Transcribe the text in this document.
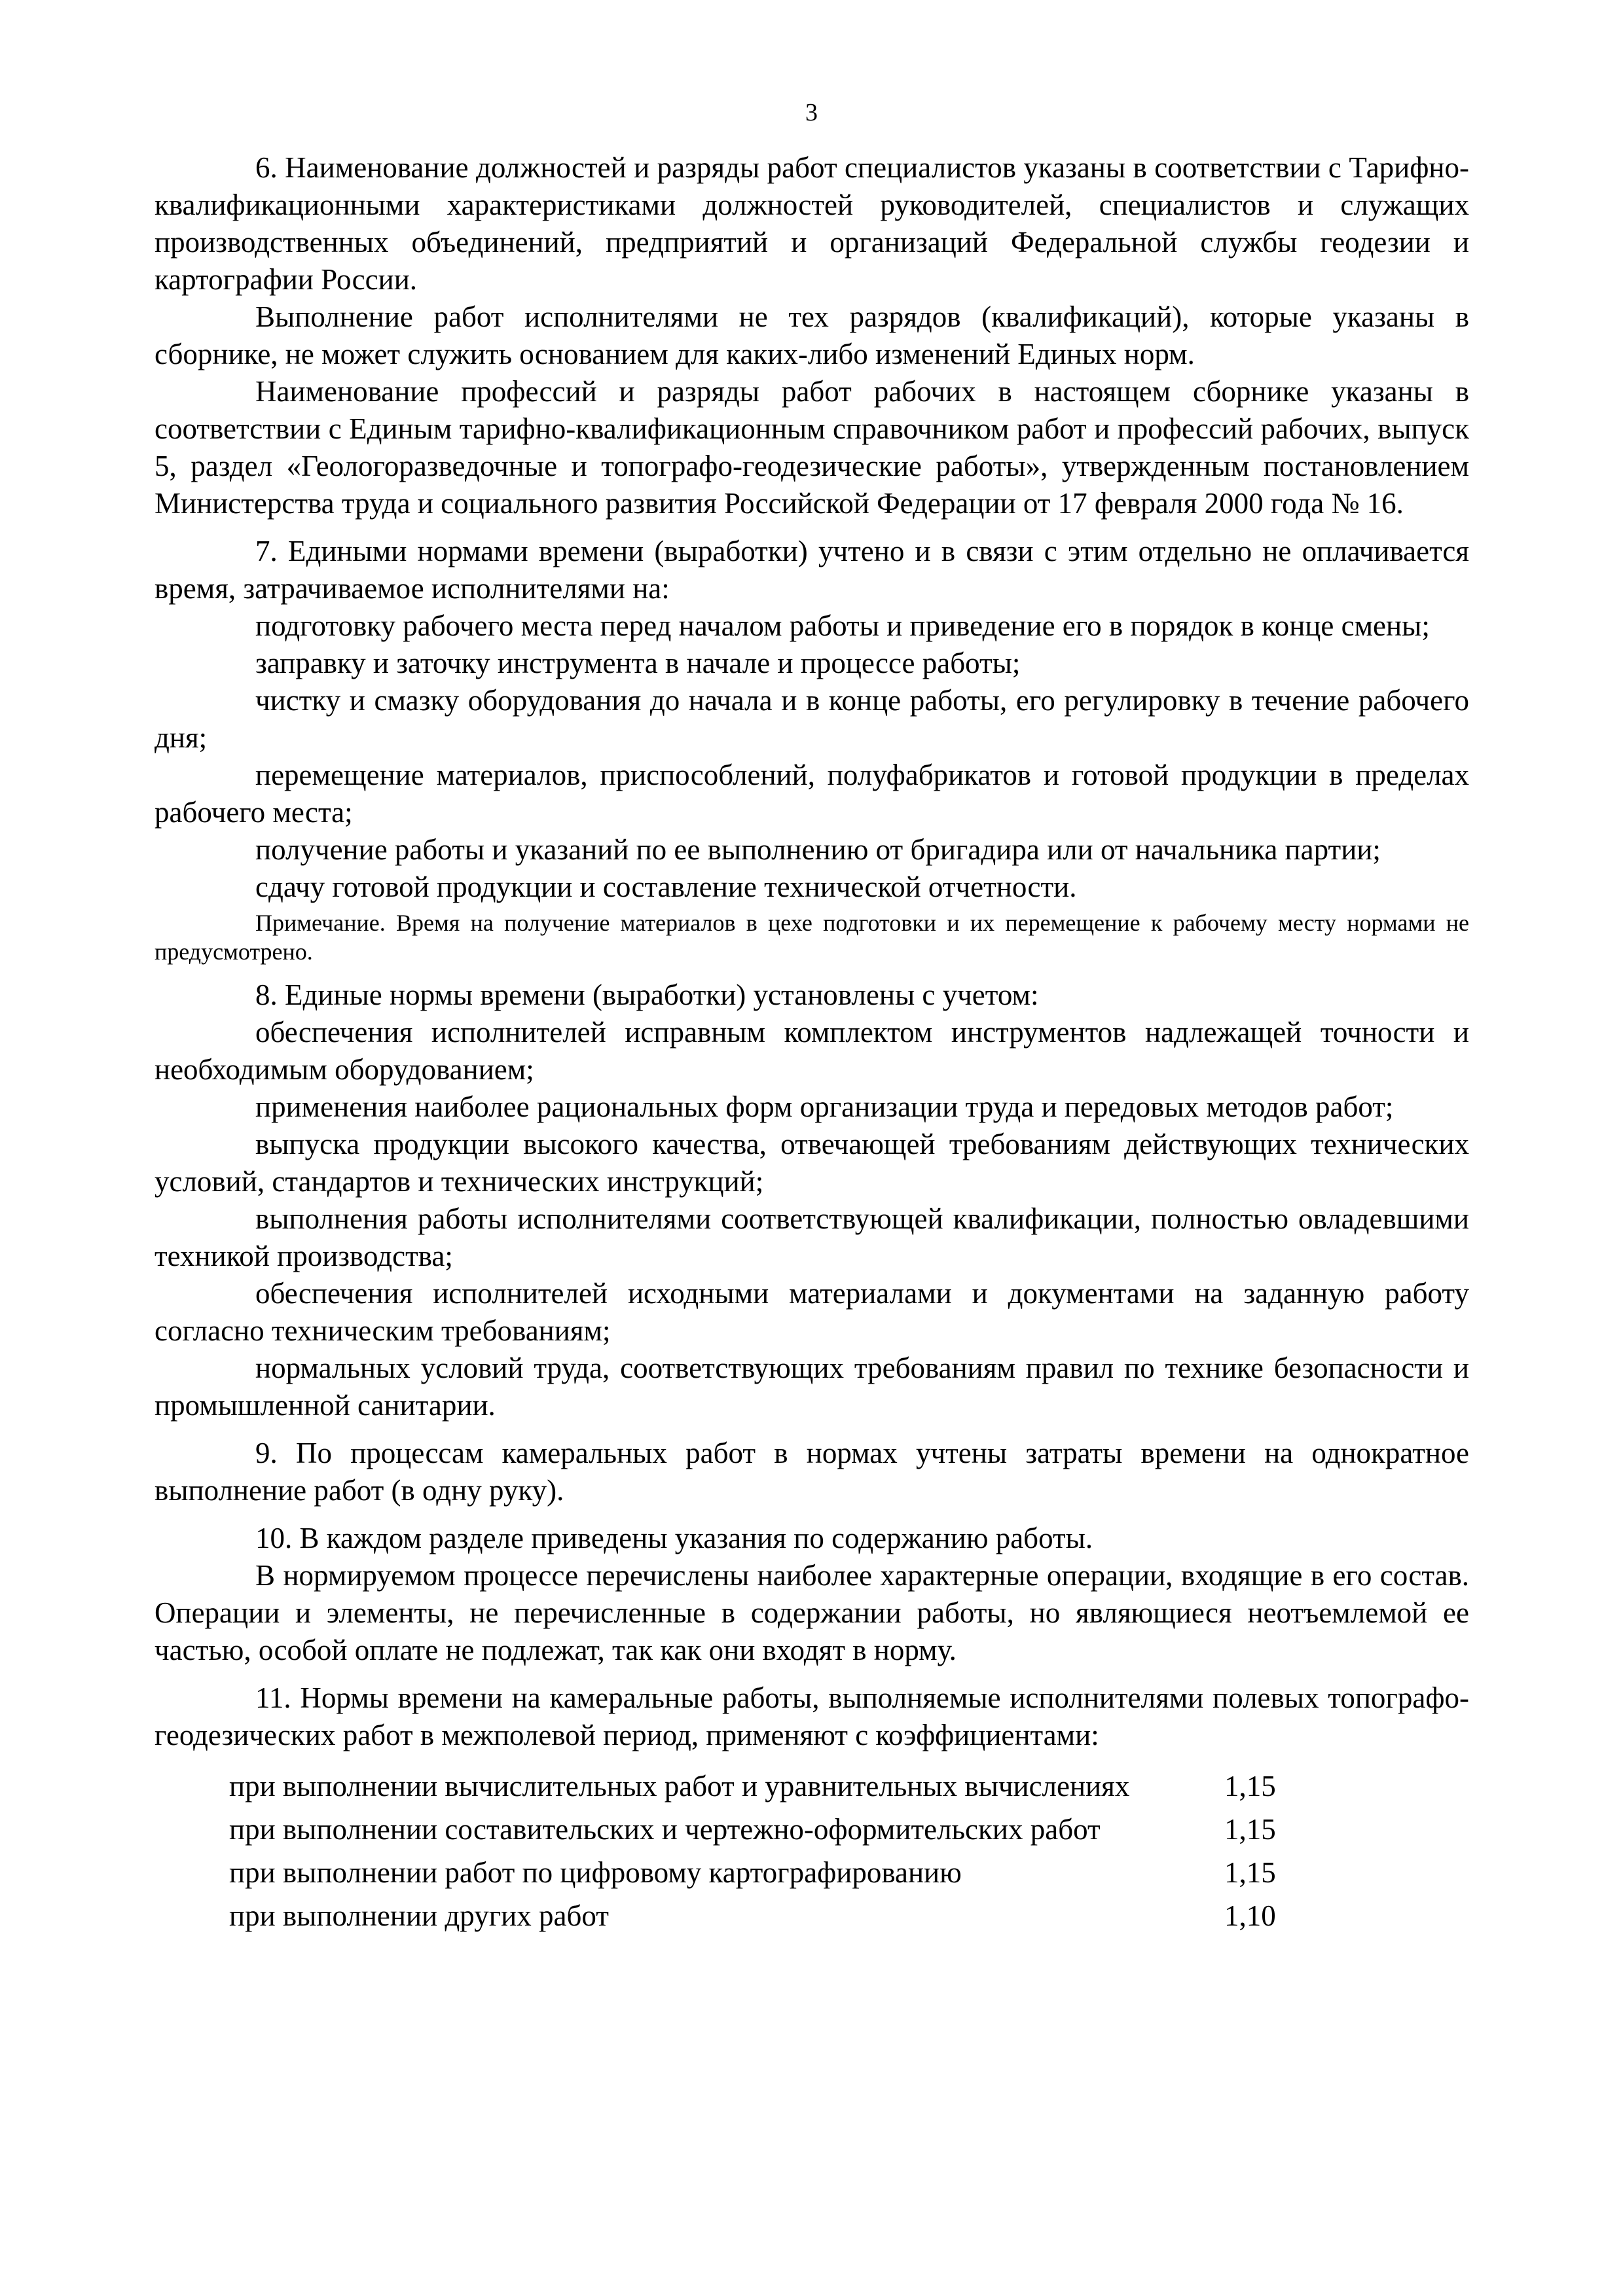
3

6. Наименование должностей и разряды работ специалистов указаны в соответствии с Тарифно-квалификационными характеристиками должностей руководителей, специалистов и служащих производственных объединений, предприятий и организаций Федеральной службы геодезии и картографии России.

Выполнение работ исполнителями не тех разрядов (квалификаций), которые указаны в сборнике, не может служить основанием для каких-либо изменений Единых норм.

Наименование профессий и разряды работ рабочих в настоящем сборнике указаны в соответствии с Единым тарифно-квалификационным справочником работ и профессий рабочих, выпуск 5, раздел «Геологоразведочные и топографо-геодезические работы», утвержденным постановлением Министерства труда и социального развития Российской Федерации от 17 февраля 2000 года № 16.

7. Едиными нормами времени (выработки) учтено и в связи с этим отдельно не оплачивается время, затрачиваемое исполнителями на:

подготовку рабочего места перед началом работы и приведение его в порядок в конце смены;

заправку и заточку инструмента в начале и процессе работы;

чистку и смазку оборудования до начала и в конце работы, его регулировку в течение рабочего дня;

перемещение материалов, приспособлений, полуфабрикатов и готовой продукции в пределах рабочего места;

получение работы и указаний по ее выполнению от бригадира или от начальника партии;

сдачу готовой продукции и составление технической отчетности.

Примечание. Время на получение материалов в цехе подготовки и их перемещение к рабочему месту нормами не предусмотрено.

8. Единые нормы времени (выработки) установлены с учетом:

обеспечения исполнителей исправным комплектом инструментов надлежащей точности и необходимым оборудованием;

применения наиболее рациональных форм организации труда и передовых методов работ;

выпуска продукции высокого качества, отвечающей требованиям действующих технических условий, стандартов и технических инструкций;

выполнения работы исполнителями соответствующей квалификации, полностью овладевшими техникой производства;

обеспечения исполнителей исходными материалами и документами на заданную работу согласно техническим требованиям;

нормальных условий труда, соответствующих требованиям правил по технике безопасности и промышленной санитарии.

9. По процессам камеральных работ в нормах учтены затраты времени на однократное выполнение работ (в одну руку).

10. В каждом разделе приведены указания по содержанию работы.

В нормируемом процессе перечислены наиболее характерные операции, входящие в его состав. Операции и элементы, не перечисленные в содержании работы, но являющиеся неотъемлемой ее частью, особой оплате не подлежат, так как они входят в норму.

11. Нормы времени на камеральные работы, выполняемые исполнителями полевых топографо-геодезических работ в межполевой период, применяют с коэффициентами:

при выполнении вычислительных работ и уравнительных вычислениях	1,15
при выполнении составительских и чертежно-оформительских работ	1,15
при выполнении работ по цифровому картографированию	1,15
при выполнении других работ	1,10
